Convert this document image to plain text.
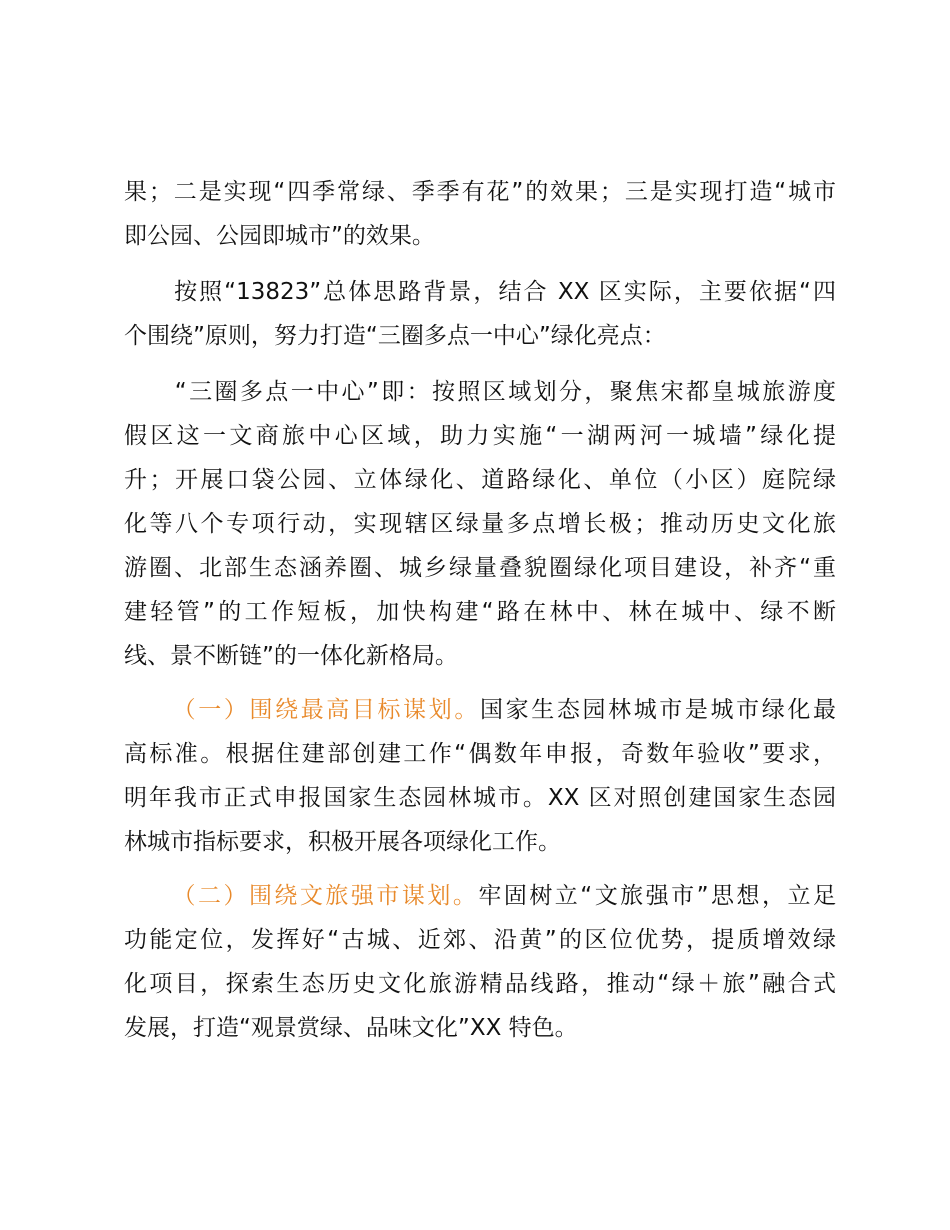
果；二是实现“四季常绿、季季有花”的效果；三是实现打造“城市
即公园、公园即城市”的效果。
　　按照“13823”总体思路背景，结合 XX 区实际，主要依据“四
个围绕”原则，努力打造“三圈多点一中心”绿化亮点：
　　“三圈多点一中心”即：按照区域划分，聚焦宋都皇城旅游度
假区这一文商旅中心区域，助力实施“一湖两河一城墙”绿化提
升；开展口袋公园、立体绿化、道路绿化、单位（小区）庭院绿
化等八个专项行动，实现辖区绿量多点增长极；推动历史文化旅
游圈、北部生态涵养圈、城乡绿量叠貌圈绿化项目建设，补齐“重
建轻管”的工作短板，加快构建“路在林中、林在城中、绿不断
线、景不断链”的一体化新格局。
（一）围绕最高目标谋划。国家生态园林城市是城市绿化最
高标准。根据住建部创建工作“偶数年申报，奇数年验收”要求，
明年我市正式申报国家生态园林城市。XX 区对照创建国家生态园
林城市指标要求，积极开展各项绿化工作。
（二）围绕文旅强市谋划。牢固树立“文旅强市”思想，立足
功能定位，发挥好“古城、近郊、沿黄”的区位优势，提质增效绿
化项目，探索生态历史文化旅游精品线路，推动“绿＋旅”融合式
发展，打造“观景赏绿、品味文化”XX 特色。
